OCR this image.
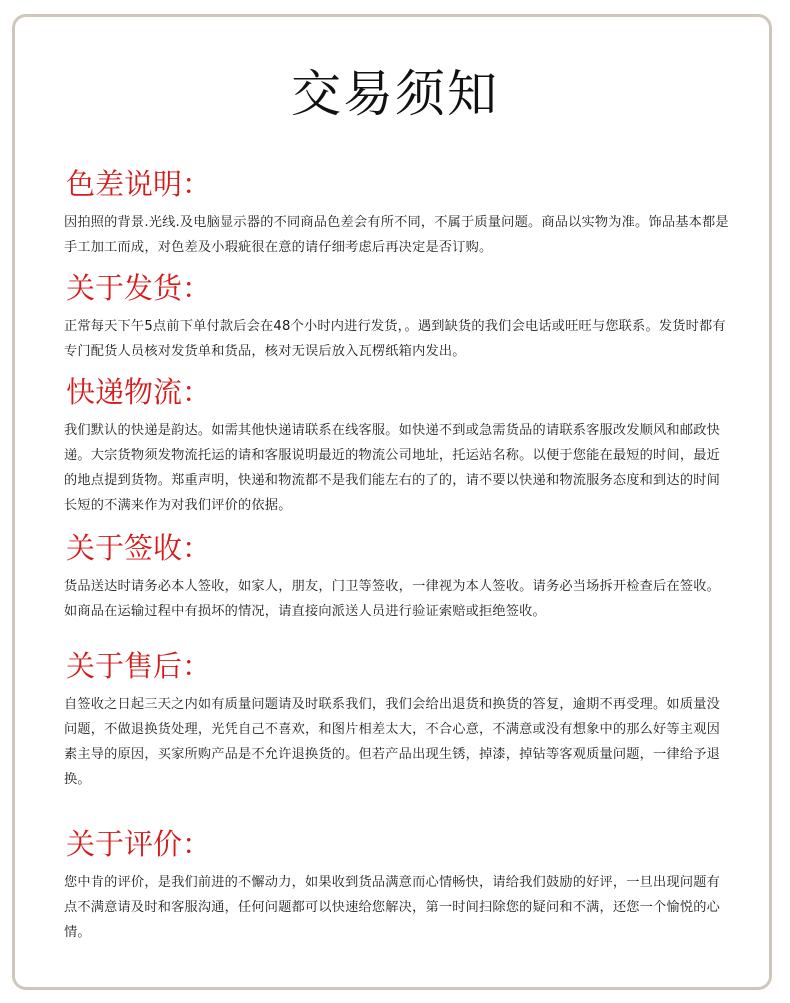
交易须知
色差说明：

因拍照的背景.光线.及电脑显示器的不同商品色差会有所不同，不属于质量问题。商品以实物为准。饰品基本都是手工加工而成，对色差及小瑕疵很在意的请仔细考虑后再决定是否订购。

关于发货：

正常每天下午5点前下单付款后会在48个小时内进行发货，。遇到缺货的我们会电话或旺旺与您联系。发货时都有专门配货人员核对发货单和货品，核对无误后放入瓦楞纸箱内发出。

快递物流：

我们默认的快递是韵达。如需其他快递请联系在线客服。如快递不到或急需货品的请联系客服改发顺风和邮政快递。大宗货物须发物流托运的请和客服说明最近的物流公司地址，托运站名称。以便于您能在最短的时间，最近的地点提到货物。郑重声明，快递和物流都不是我们能左右的了的，请不要以快递和物流服务态度和到达的时间长短的不满来作为对我们评价的依据。

关于签收：

货品送达时请务必本人签收，如家人，朋友，门卫等签收，一律视为本人签收。请务必当场拆开检查后在签收。如商品在运输过程中有损坏的情况，请直接向派送人员进行验证索赔或拒绝签收。

关于售后：

自签收之日起三天之内如有质量问题请及时联系我们，我们会给出退货和换货的答复，逾期不再受理。如质量没问题，不做退换货处理，光凭自己不喜欢，和图片相差太大，不合心意，不满意或没有想象中的那么好等主观因素主导的原因，买家所购产品是不允许退换货的。但若产品出现生锈，掉漆，掉钻等客观质量问题，一律给予退换。

关于评价：

您中肯的评价，是我们前进的不懈动力，如果收到货品满意而心情畅快，请给我们鼓励的好评，一旦出现问题有点不满意请及时和客服沟通，任何问题都可以快速给您解决，第一时间扫除您的疑问和不满，还您一个愉悦的心情。
